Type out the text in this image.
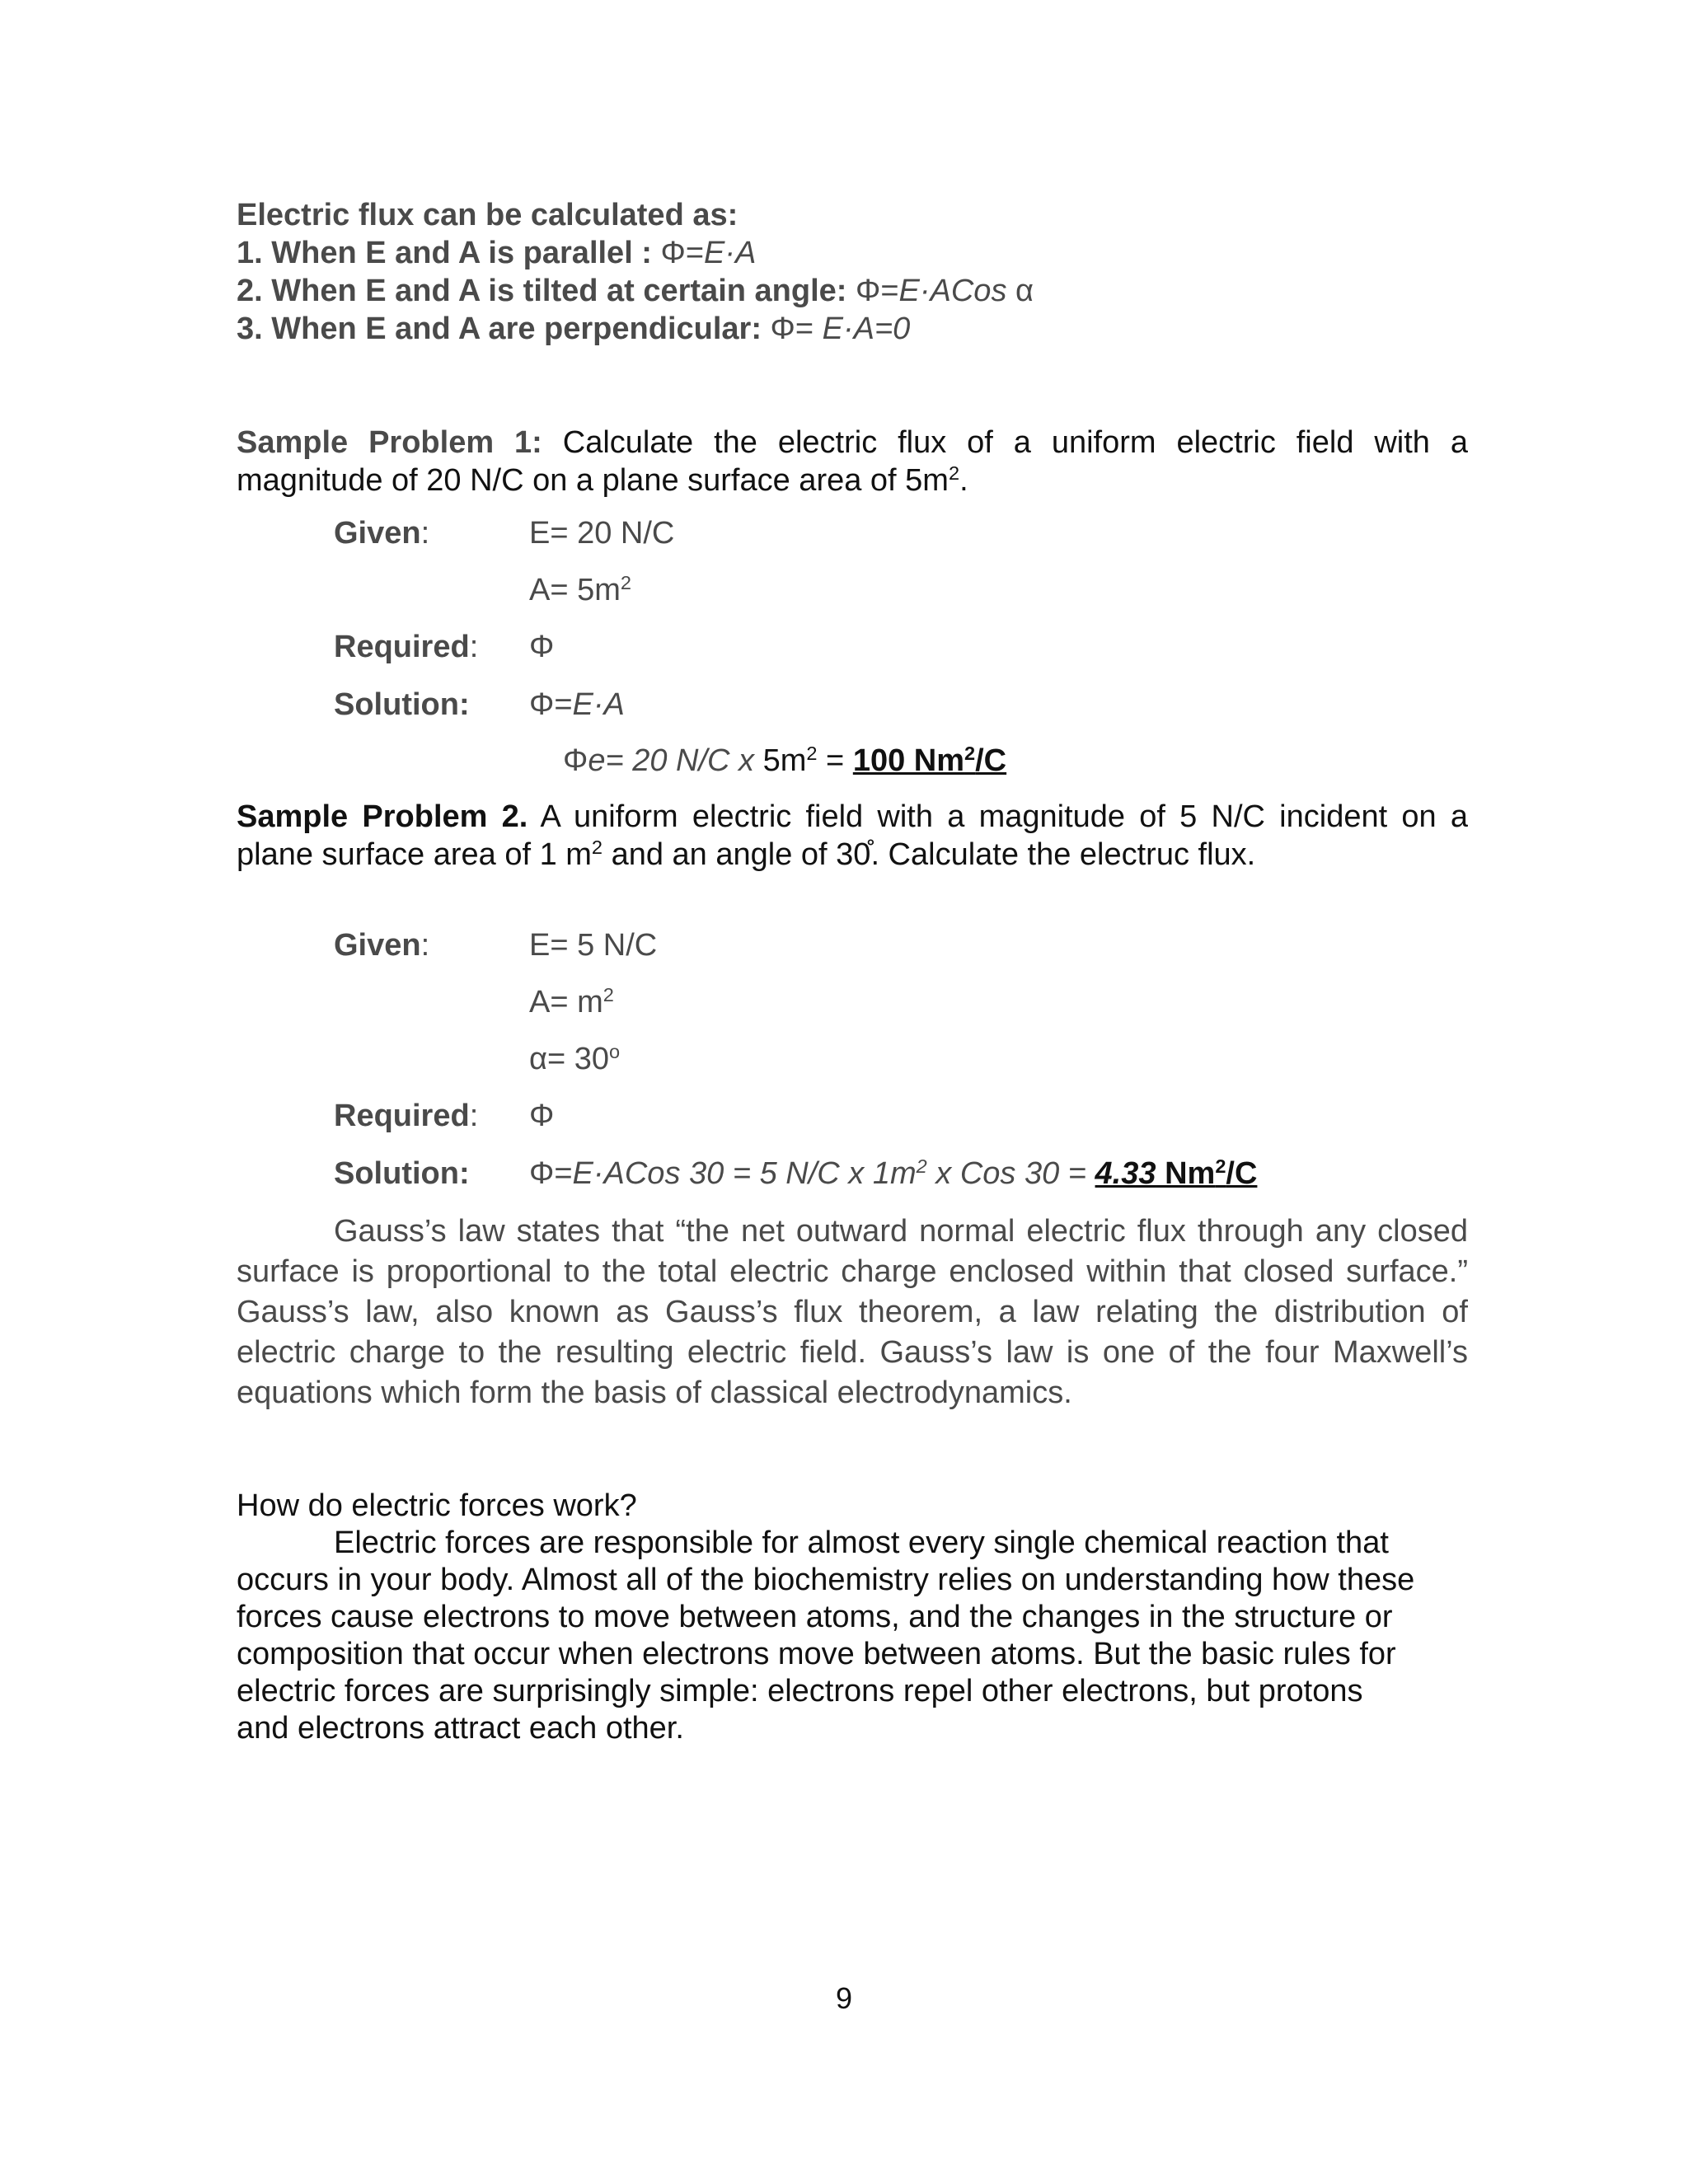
Electric flux can be calculated as:
1. When E and A is parallel : Φ=E·A
2. When E and A is tilted at certain angle: Φ=E·ACos α
3. When E and A are perpendicular: Φ= E·A=0
Sample Problem 1: Calculate the electric flux of a uniform electric field with a magnitude of 20 N/C on a plane surface area of $5m^2$.
Given:	E= 20 N/C
$A= 5m^2$
Required: Φ
Solution: Φ=E·A
Φe= 20 N/C x $5m^2 = 100$ Nm$^2$/C
Sample Problem 2. A uniform electric field with a magnitude of 5 N/C incident on a plane surface area of 1 $m^2$ and an angle of 30. Calculate the electruc flux.
Given:	E= 5 N/C
$A= m^2$
$\alpha= 30^o$
Required: Φ
Solution: Φ=E·ACos 30 = 5 N/C x $1m^2$ x Cos 30 = 4.33 Nm$^2$/C
Gauss’s law states that “the net outward normal electric flux through any closed surface is proportional to the total electric charge enclosed within that closed surface.” Gauss’s law, also known as Gauss’s flux theorem, a law relating the distribution of electric charge to the resulting electric field. Gauss’s law is one of the four Maxwell’s equations which form the basis of classical electrodynamics.
How do electric forces work?
Electric forces are responsible for almost every single chemical reaction that
occurs in your body. Almost all of the biochemistry relies on understanding how these
forces cause electrons to move between atoms, and the changes in the structure or
composition that occur when electrons move between atoms. But the basic rules for
electric forces are surprisingly simple: electrons repel other electrons, but protons
and electrons attract each other.
9
